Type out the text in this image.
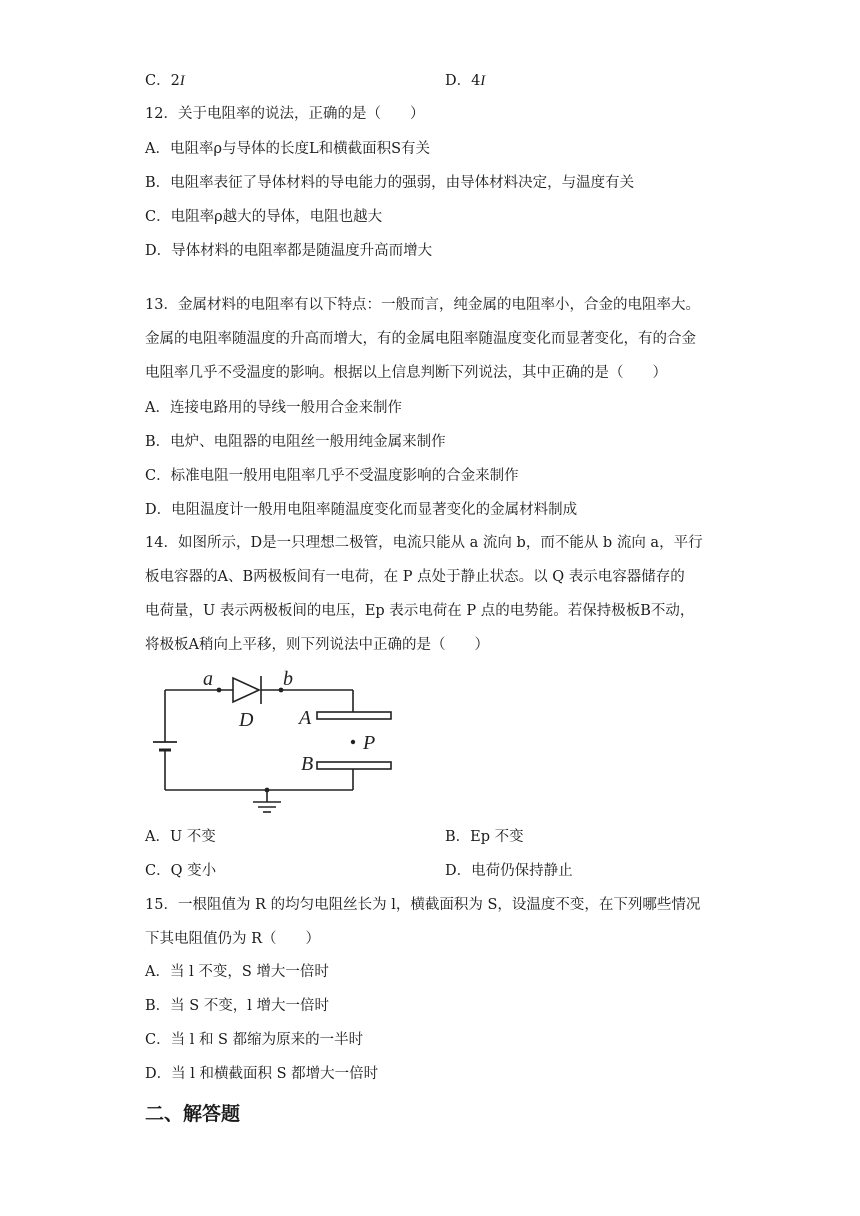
C．2I	D．4I
12．关于电阻率的说法，正确的是（　　）
A．电阻率ρ与导体的长度L和横截面积S有关
B．电阻率表征了导体材料的导电能力的强弱，由导体材料决定，与温度有关
C．电阻率ρ越大的导体，电阻也越大
D．导体材料的电阻率都是随温度升高而增大
13．金属材料的电阻率有以下特点：一般而言，纯金属的电阻率小，合金的电阻率大。
金属的电阻率随温度的升高而增大，有的金属电阻率随温度变化而显著变化，有的合金
电阻率几乎不受温度的影响。根据以上信息判断下列说法，其中正确的是（　　）
A．连接电路用的导线一般用合金来制作
B．电炉、电阻器的电阻丝一般用纯金属来制作
C．标准电阻一般用电阻率几乎不受温度影响的合金来制作
D．电阻温度计一般用电阻率随温度变化而显著变化的金属材料制成
14．如图所示，D是一只理想二极管，电流只能从 a 流向 b，而不能从 b 流向 a，平行
板电容器的A、B两极板间有一电荷，在 P 点处于静止状态。以 Q 表示电容器储存的
电荷量，U 表示两极板间的电压，Ep 表示电荷在 P 点的电势能。若保持极板B不动，
将极板A稍向上平移，则下列说法中正确的是（　　）
a	b
D A
B
P
A．U 不变	B．Ep 不变
C．Q 变小	D．电荷仍保持静止
15．一根阻值为 R 的均匀电阻丝长为 l，横截面积为 S，设温度不变，在下列哪些情况
下其电阻值仍为 R（　　）
A．当 l 不变，S 增大一倍时
B．当 S 不变，l 增大一倍时
C．当 l 和 S 都缩为原来的一半时
D．当 l 和横截面积 S 都增大一倍时
二、解答题
